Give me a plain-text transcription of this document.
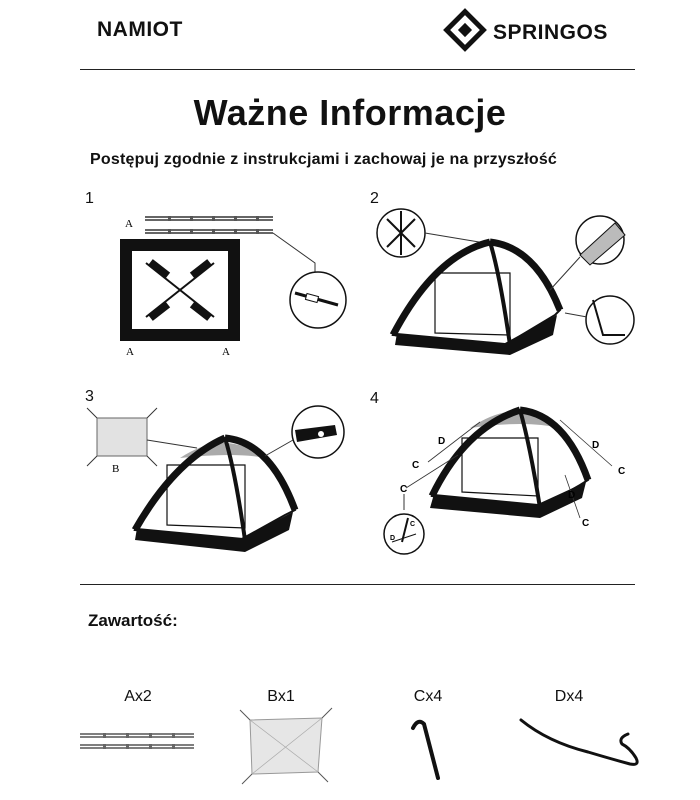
NAMIOT	SPRINGOS
Ważne Informacje
Postępuj zgodnie z instrukcjami i zachowaj je na przyszłość
1	2
3	4
A
A	A
B
D	D
D
C
C
C
C
D
C
Zawartość:
Ax2	Bx1	Cx4	Dx4
